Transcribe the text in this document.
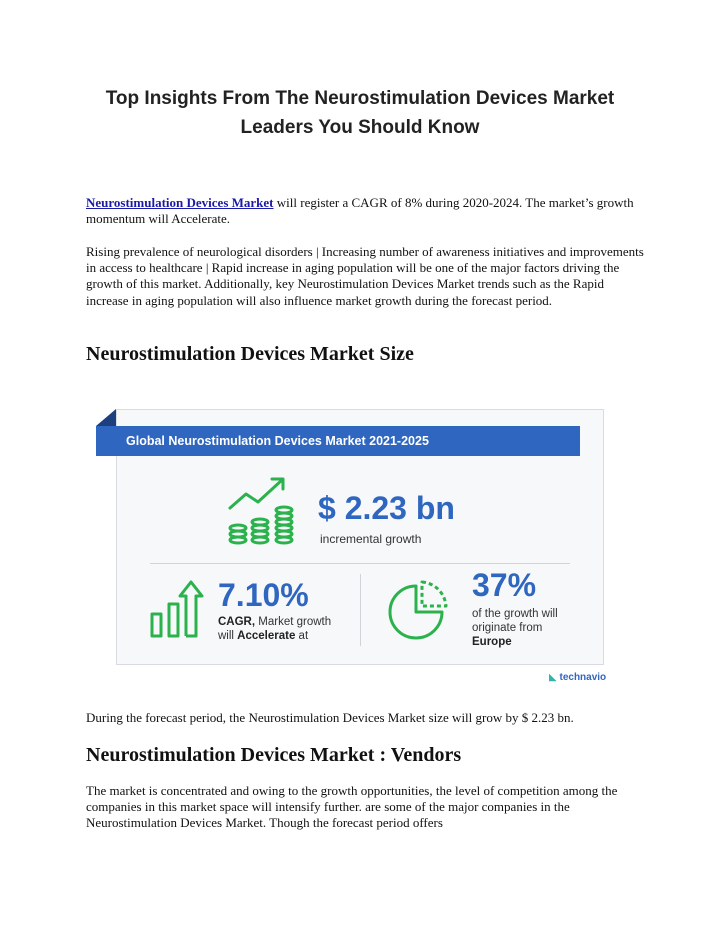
Top Insights From The Neurostimulation Devices Market
Leaders You Should Know

Neurostimulation Devices Market will register a CAGR of 8% during 2020-2024. The market’s growth momentum will Accelerate.

Rising prevalence of neurological disorders | Increasing number of awareness initiatives and improvements in access to healthcare | Rapid increase in aging population will be one of the major factors driving the growth of this market. Additionally, key Neurostimulation Devices Market trends such as the Rapid increase in aging population will also influence market growth during the forecast period.

Neurostimulation Devices Market Size
Global Neurostimulation Devices Market 2021-2025
$ 2.23 bn
incremental growth
7.10%
CAGR, Market growth
will Accelerate at
37%
of the growth will
originate from
Europe
◣ technavio

During the forecast period, the Neurostimulation Devices Market size will grow by $ 2.23 bn.

Neurostimulation Devices Market : Vendors

The market is concentrated and owing to the growth opportunities, the level of competition among the companies in this market space will intensify further. are some of the major companies in the Neurostimulation Devices Market. Though the forecast period offers
